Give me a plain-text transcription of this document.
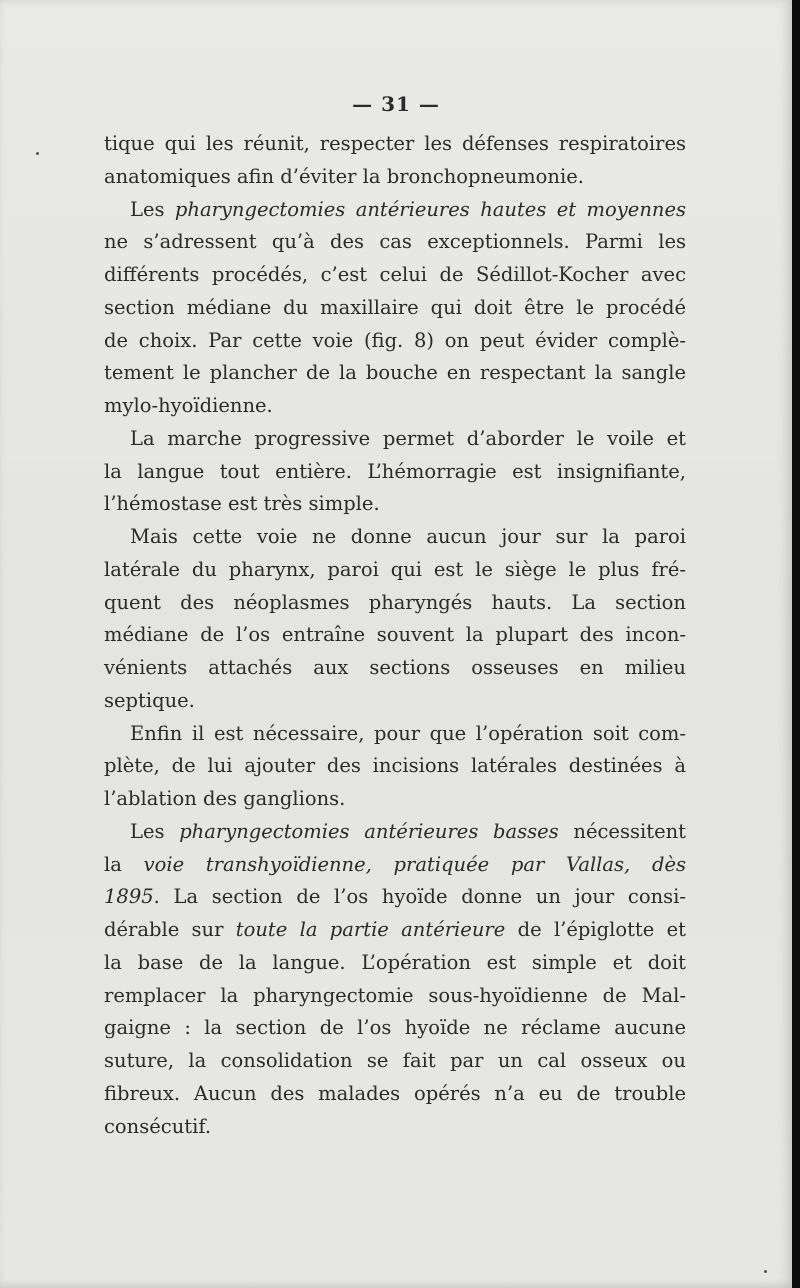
— 31 —
tique qui les réunit, respecter les défenses respiratoires
anatomiques afin d’éviter la bronchopneumonie.
Les pharyngectomies antérieures hautes et moyennes
ne s’adressent qu’à des cas exceptionnels. Parmi les
différents procédés, c’est celui de Sédillot-Kocher avec
section médiane du maxillaire qui doit être le procédé
de choix. Par cette voie (fig. 8) on peut évider complè-
tement le plancher de la bouche en respectant la sangle
mylo-hyoïdienne.
La marche progressive permet d’aborder le voile et
la langue tout entière. L’hémorragie est insignifiante,
l’hémostase est très simple.
Mais cette voie ne donne aucun jour sur la paroi
latérale du pharynx, paroi qui est le siège le plus fré-
quent des néoplasmes pharyngés hauts. La section
médiane de l’os entraîne souvent la plupart des incon-
vénients attachés aux sections osseuses en milieu
septique.
Enfin il est nécessaire, pour que l’opération soit com-
plète, de lui ajouter des incisions latérales destinées à
l’ablation des ganglions.
Les pharyngectomies antérieures basses nécessitent
la voie transhyoïdienne, pratiquée par Vallas, dès
1895. La section de l’os hyoïde donne un jour consi-
dérable sur toute la partie antérieure de l’épiglotte et
la base de la langue. L’opération est simple et doit
remplacer la pharyngectomie sous-hyoïdienne de Mal-
gaigne : la section de l’os hyoïde ne réclame aucune
suture, la consolidation se fait par un cal osseux ou
fibreux. Aucun des malades opérés n’a eu de trouble
consécutif.
